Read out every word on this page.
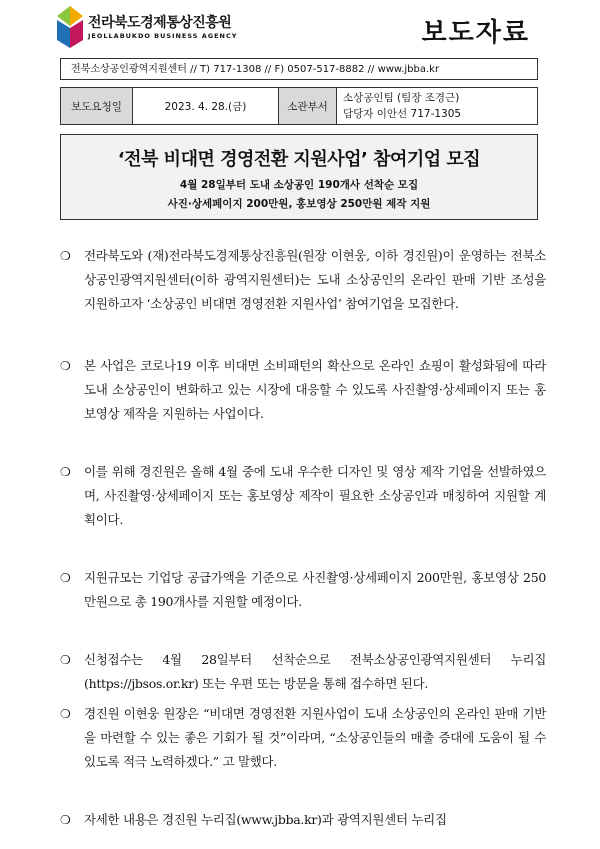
전라북도경제통상진흥원
JEOLLABUKDO BUSINESS AGENCY	보도자료
전북소상공인광역지원센터 // T) 717-1308 // F) 0507-517-8882 // www.jbba.kr
보도요청일	2023. 4. 28.(금)	소관부서
소상공인팀 (팀장 조경근)
담당자 이안선 717-1305
‘전북 비대면 경영전환 지원사업’ 참여기업 모집
4월 28일부터 도내 소상공인 190개사 선착순 모집
사진·상세페이지 200만원, 홍보영상 250만원 제작 지원
❍ 전라북도와 (재)전라북도경제통상진흥원(원장 이현웅, 이하 경진원)이 운영하는 전북소상공인광역지원센터(이하 광역지원센터)는 도내 소상공인의 온라인 판매 기반 조성을 지원하고자 ‘소상공인 비대면 경영전환 지원사업’ 참여기업을 모집한다.
❍ 본 사업은 코로나19 이후 비대면 소비패턴의 확산으로 온라인 쇼핑이 활성화됨에 따라 도내 소상공인이 변화하고 있는 시장에 대응할 수 있도록 사진촬영·상세페이지 또는 홍보영상 제작을 지원하는 사업이다.
❍ 이를 위해 경진원은 올해 4월 중에 도내 우수한 디자인 및 영상 제작 기업을 선발하였으며, 사진촬영·상세페이지 또는 홍보영상 제작이 필요한 소상공인과 매칭하여 지원할 계획이다.
❍ 지원규모는 기업당 공급가액을 기준으로 사진촬영·상세페이지 200만원, 홍보영상 250만원으로 총 190개사를 지원할 예정이다.
❍ 신청접수는 4월 28일부터 선착순으로 전북소상공인광역지원센터 누리집(https://jbsos.or.kr) 또는 우편 또는 방문을 통해 접수하면 된다.
❍ 경진원 이현웅 원장은 “비대면 경영전환 지원사업이 도내 소상공인의 온라인 판매 기반을 마련할 수 있는 좋은 기회가 될 것”이라며, “소상공인들의 매출 증대에 도움이 될 수 있도록 적극 노력하겠다.” 고 말했다.
❍ 자세한 내용은 경진원 누리집(www.jbba.kr)과 광역지원센터 누리집
